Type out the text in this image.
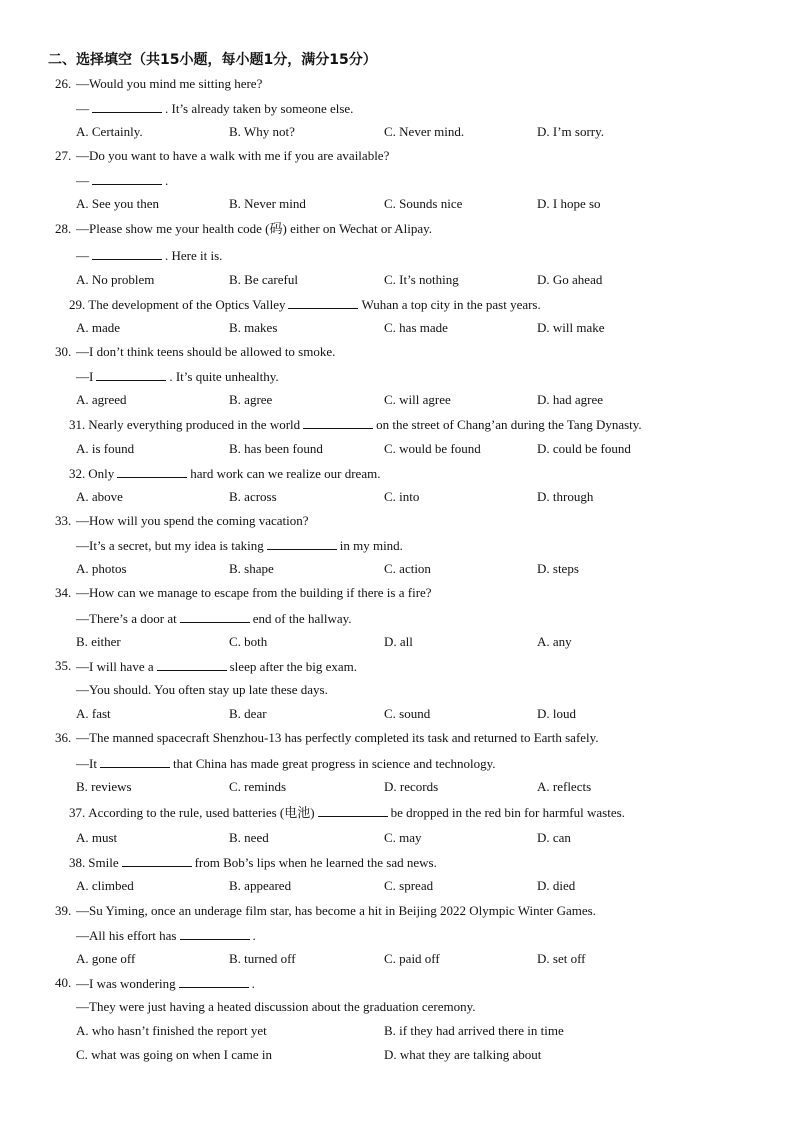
二、选择填空（共15小题，每小题1分，满分15分）
26. —Would you mind me sitting here?
—	. It’s already taken by someone else.
A. Certainly.	B. Why not?	C. Never mind.	D. I’m sorry.
27. —Do you want to have a walk with me if you are available?
—	.
A. See you then	B. Never mind	C. Sounds nice	D. I hope so
28. —Please show me your health code (码) either on Wechat or Alipay.
—	. Here it is.
A. No problem	B. Be careful	C. It’s nothing	D. Go ahead
29. The development of the Optics Valley	Wuhan a top city in the past years.
A. made	B. makes	C. has made	D. will make
30. —I don’t think teens should be allowed to smoke.
—I	. It’s quite unhealthy.
A. agreed	B. agree	C. will agree	D. had agree
31. Nearly everything produced in the world	on the street of Chang’an during the Tang Dynasty.
A. is found	B. has been found	C. would be found	D. could be found
32. Only	hard work can we realize our dream.
A. above	B. across	C. into	D. through
33. —How will you spend the coming vacation?
—It’s a secret, but my idea is taking	in my mind.
A. photos	B. shape	C. action	D. steps
34. —How can we manage to escape from the building if there is a fire?
—There’s a door at	end of the hallway.
B. either	C. both	D. all	A. any
35. —I will have a	sleep after the big exam.
—You should. You often stay up late these days.
A. fast	B. dear	C. sound	D. loud
36. —The manned spacecraft Shenzhou-13 has perfectly completed its task and returned to Earth safely.
—It	that China has made great progress in science and technology.
B. reviews	C. reminds	D. records	A. reflects
37. According to the rule, used batteries (电池)	be dropped in the red bin for harmful wastes.
A. must	B. need	C. may	D. can
38. Smile	from Bob’s lips when he learned the sad news.
A. climbed	B. appeared	C. spread	D. died
39. —Su Yiming, once an underage film star, has become a hit in Beijing 2022 Olympic Winter Games.
—All his effort has	.
A. gone off	B. turned off	C. paid off	D. set off
40. —I was wondering	.
—They were just having a heated discussion about the graduation ceremony.
A. who hasn’t finished the report yet	B. if they had arrived there in time
C. what was going on when I came in	D. what they are talking about
